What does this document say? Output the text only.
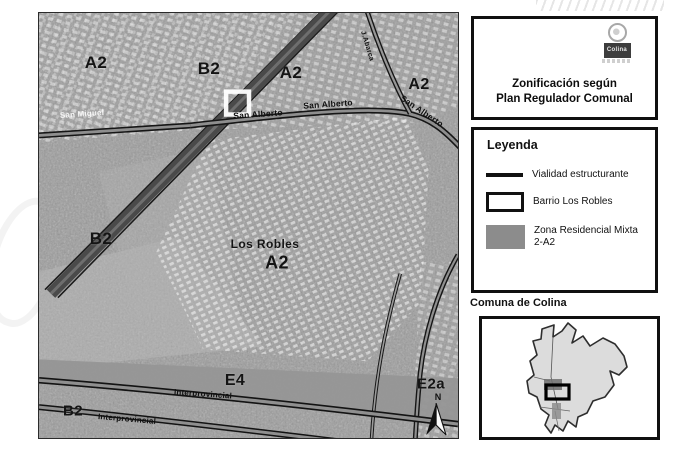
A2	B2	A2
A2
B2	Los Robles
A2
E4	E2a
B2
San Miguel	San Alberto
San Alberto	San Alberto
J.Abarca
Interprovincial
Interprovincial
N
Colina
Zonificación según
Plan Regulador Comunal
Leyenda
Vialidad estructurante
Barrio Los Robles
Zona Residencial Mixta 2-A2
Comuna de Colina
